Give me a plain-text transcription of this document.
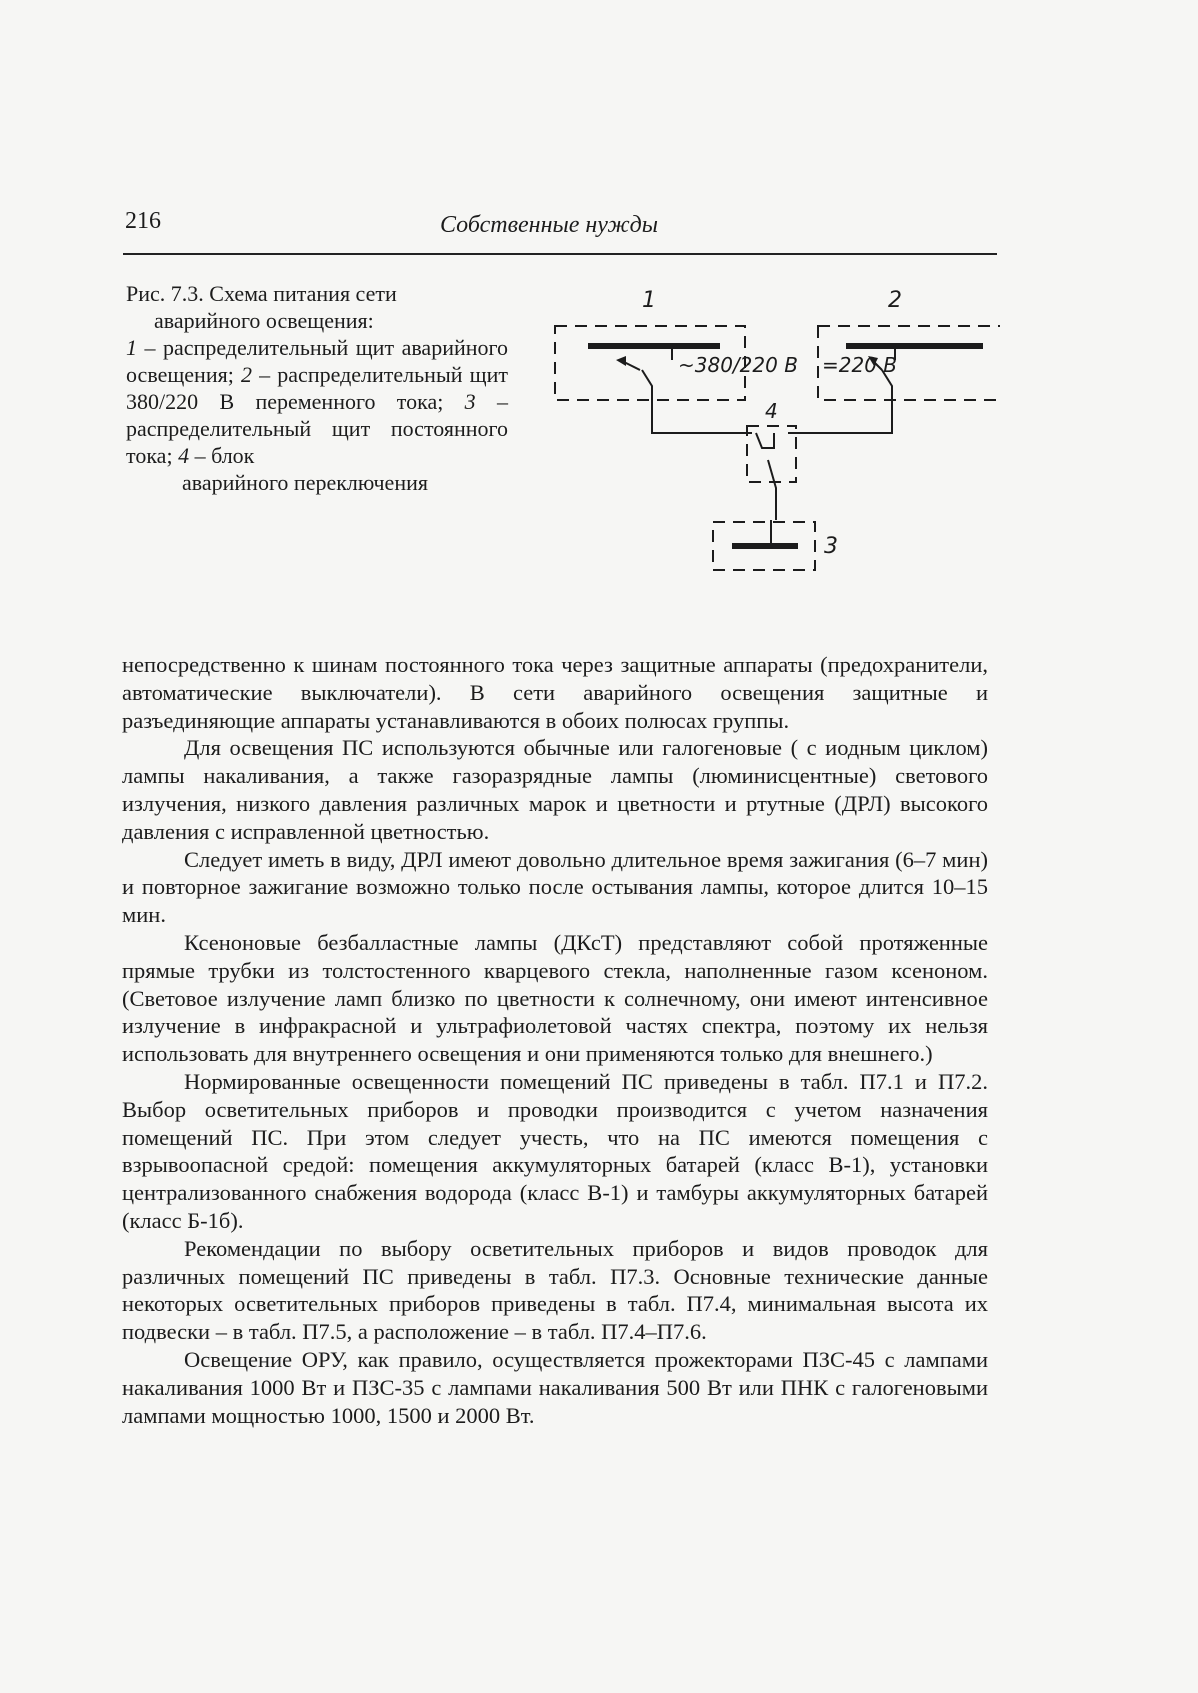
216	Собственные нужды

Рис. 7.3. Схема питания сети

аварийного освещения:

1 – распределительный щит аварийного освещения; 2 – распределительный щит 380/220 В переменного тока; 3 – распределительный щит постоянного тока; 4 – блок

аварийного переключения

1	2
4
3
~380/220 В =220 В

непосредственно к шинам постоянного тока через защитные аппараты (предохранители, автоматические выключатели). В сети аварийного освещения защитные и разъединяющие аппараты устанавливаются в обоих полюсах группы.

Для освещения ПС используются обычные или галогеновые ( с иодным циклом) лампы накаливания, а также газоразрядные лампы (люминисцентные) светового излучения, низкого давления различных марок и цветности и ртутные (ДРЛ) высокого давления с исправленной цветностью.

Следует иметь в виду, ДРЛ имеют довольно длительное время зажигания (6–7 мин) и повторное зажигание возможно только после остывания лампы, которое длится 10–15 мин.

Ксеноновые безбалластные лампы (ДКсТ) представляют собой протяженные прямые трубки из толстостенного кварцевого стекла, наполненные газом ксеноном. (Световое излучение ламп близко по цветности к солнечному, они имеют интенсивное излучение в инфракрасной и ультрафиолетовой частях спектра, поэтому их нельзя использовать для внутреннего освещения и они применяются только для внешнего.)

Нормированные освещенности помещений ПС приведены в табл. П7.1 и П7.2. Выбор осветительных приборов и проводки производится с учетом назначения помещений ПС. При этом следует учесть, что на ПС имеются помещения с взрывоопасной средой: помещения аккумуляторных батарей (класс В-1), установки централизованного снабжения водорода (класс В-1) и тамбуры аккумуляторных батарей (класс Б-1б).

Рекомендации по выбору осветительных приборов и видов проводок для различных помещений ПС приведены в табл. П7.3. Основные технические данные некоторых осветительных приборов приведены в табл. П7.4, минимальная высота их подвески – в табл. П7.5, а расположение – в табл. П7.4–П7.6.

Освещение ОРУ, как правило, осуществляется прожекторами ПЗС-45 с лампами накаливания 1000 Вт и ПЗС-35 с лампами накаливания 500 Вт или ПНК с галогеновыми лампами мощностью 1000, 1500 и 2000 Вт.
